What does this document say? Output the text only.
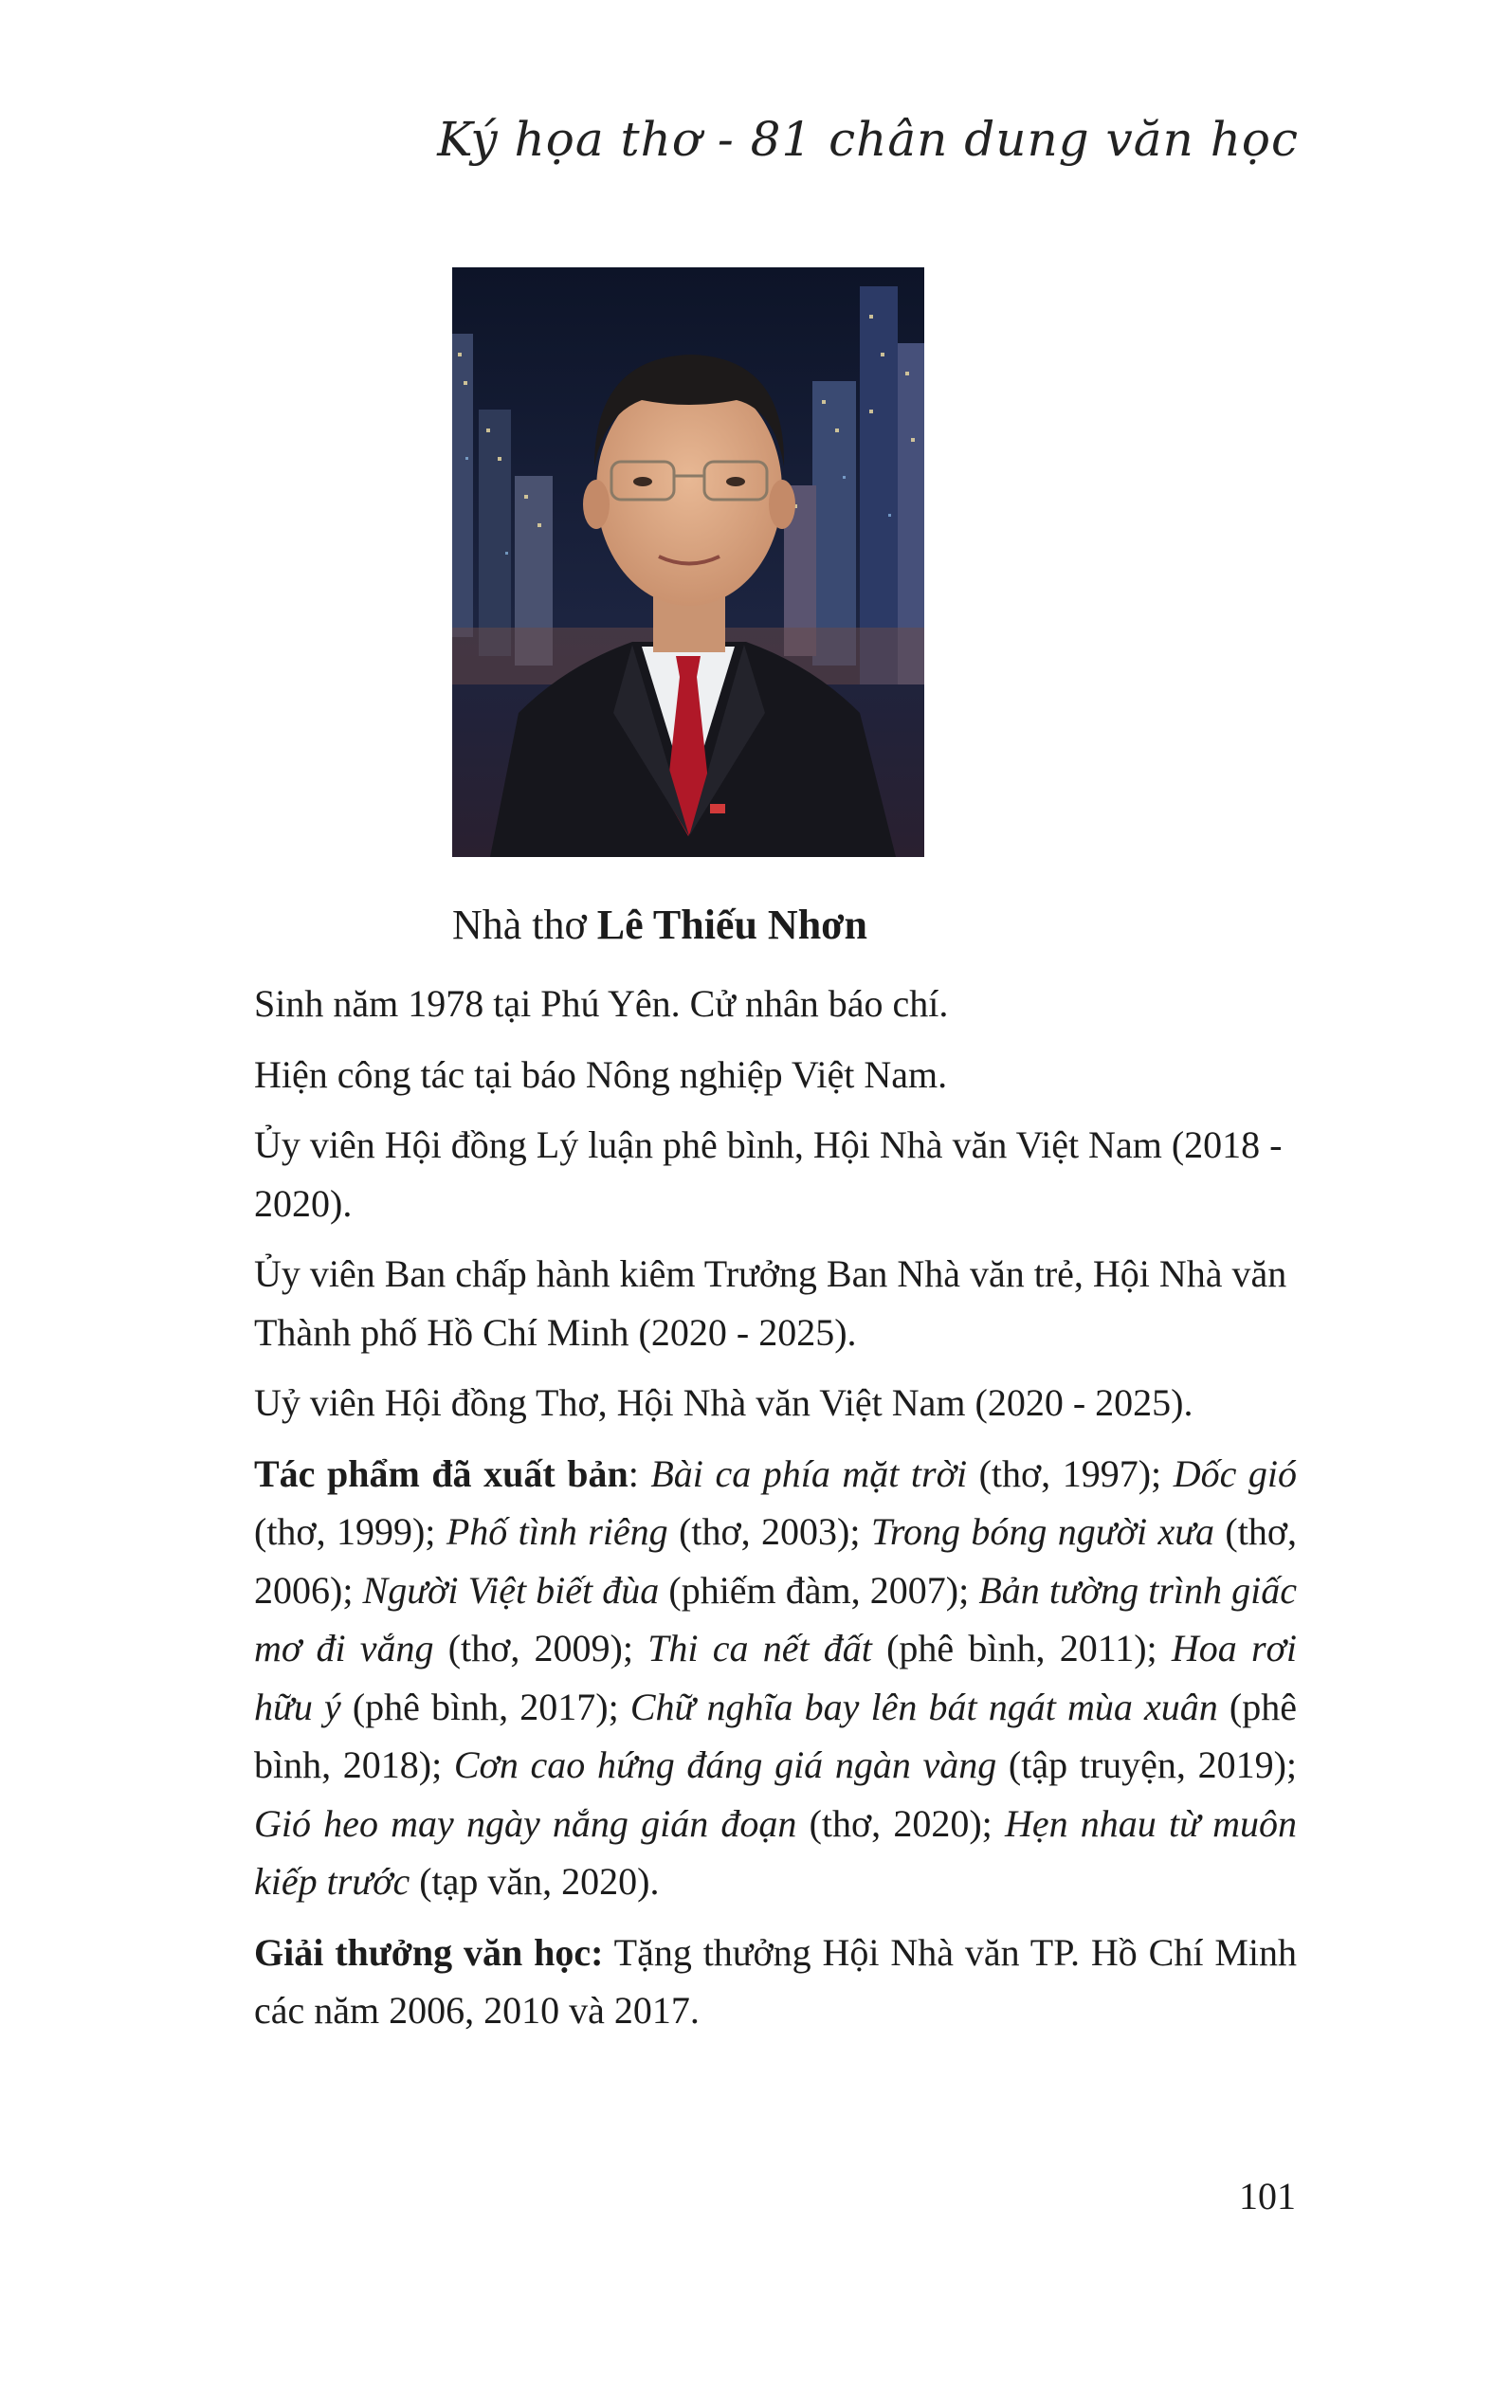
Ký họa thơ - 81 chân dung văn học
Nhà thơ Lê Thiếu Nhơn

Sinh năm 1978 tại Phú Yên. Cử nhân báo chí.

Hiện công tác tại báo Nông nghiệp Việt Nam.

Ủy viên Hội đồng Lý luận phê bình, Hội Nhà văn Việt Nam (2018 - 2020).

Ủy viên Ban chấp hành kiêm Trưởng Ban Nhà văn trẻ, Hội Nhà văn Thành phố Hồ Chí Minh (2020 - 2025).

Uỷ viên Hội đồng Thơ, Hội Nhà văn Việt Nam (2020 - 2025).

Tác phẩm đã xuất bản: Bài ca phía mặt trời (thơ, 1997); Dốc gió (thơ, 1999); Phố tình riêng (thơ, 2003); Trong bóng người xưa (thơ, 2006); Người Việt biết đùa (phiếm đàm, 2007); Bản tường trình giấc mơ đi vắng (thơ, 2009); Thi ca nết đất (phê bình, 2011); Hoa rơi hữu ý (phê bình, 2017); Chữ nghĩa bay lên bát ngát mùa xuân (phê bình, 2018); Cơn cao hứng đáng giá ngàn vàng (tập truyện, 2019); Gió heo may ngày nắng gián đoạn (thơ, 2020); Hẹn nhau từ muôn kiếp trước (tạp văn, 2020).

Giải thưởng văn học: Tặng thưởng Hội Nhà văn TP. Hồ Chí Minh các năm 2006, 2010 và 2017.

101
